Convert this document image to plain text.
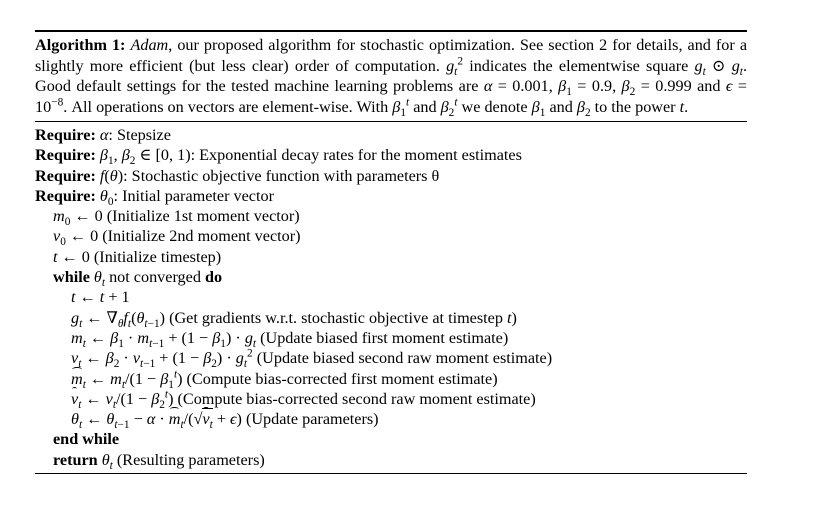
Algorithm 1: Adam, our proposed algorithm for stochastic optimization. See section 2 for details, and for a slightly more efficient (but less clear) order of computation. $g_t^2$ indicates the elementwise square $g_t$ ⊙ $g_t$. Good default settings for the tested machine learning problems are α = 0.001, $\beta_1 = 0.9$, $\beta_2 = 0.999$ and $\epsilon = 10^{-8}$. All operations on vectors are element-wise. With $\beta_1^t$ and $\beta_2^t$ we denote $\beta_1$ and $\beta_2$ to the power t.
Require: α: Stepsize
Require: $\beta_1$, $\beta_2$ ∈ [0, 1): Exponential decay rates for the moment estimates
Require: f(θ): Stochastic objective function with parameters θ
Require: $\theta_0$: Initial parameter vector
$m_0$ ← 0 (Initialize 1st moment vector)
$v_0$ ← 0 (Initialize 2nd moment vector)
t ← 0 (Initialize timestep)
while $\theta_t$ not converged do
t ← t + 1
$g_t$ ← $\nabla_\theta f_t(\theta_{t-1})$ (Get gradients w.r.t. stochastic objective at timestep t)
$m_t$ ← $\beta_1 \cdot m_{t-1} + (1 - \beta_1) \cdot g_t$ (Update biased first moment estimate)
$v_t$ ← $\beta_2 \cdot v_{t-1} + (1 - \beta_2) \cdot g_t^2$ (Update biased second raw moment estimate)
$m_t$ ← $m_t/(1 - \beta_1^t)$ (Compute bias-corrected first moment estimate)
$v_t$ ← $v_t/(1 - \beta_2^t)$ (Compute bias-corrected second raw moment estimate)
$\theta_t$ ← $\theta_{t-1} - \alpha \cdot m_t/(√v_t + \epsilon)$ (Update parameters)
end while
return $\theta_t$ (Resulting parameters)
